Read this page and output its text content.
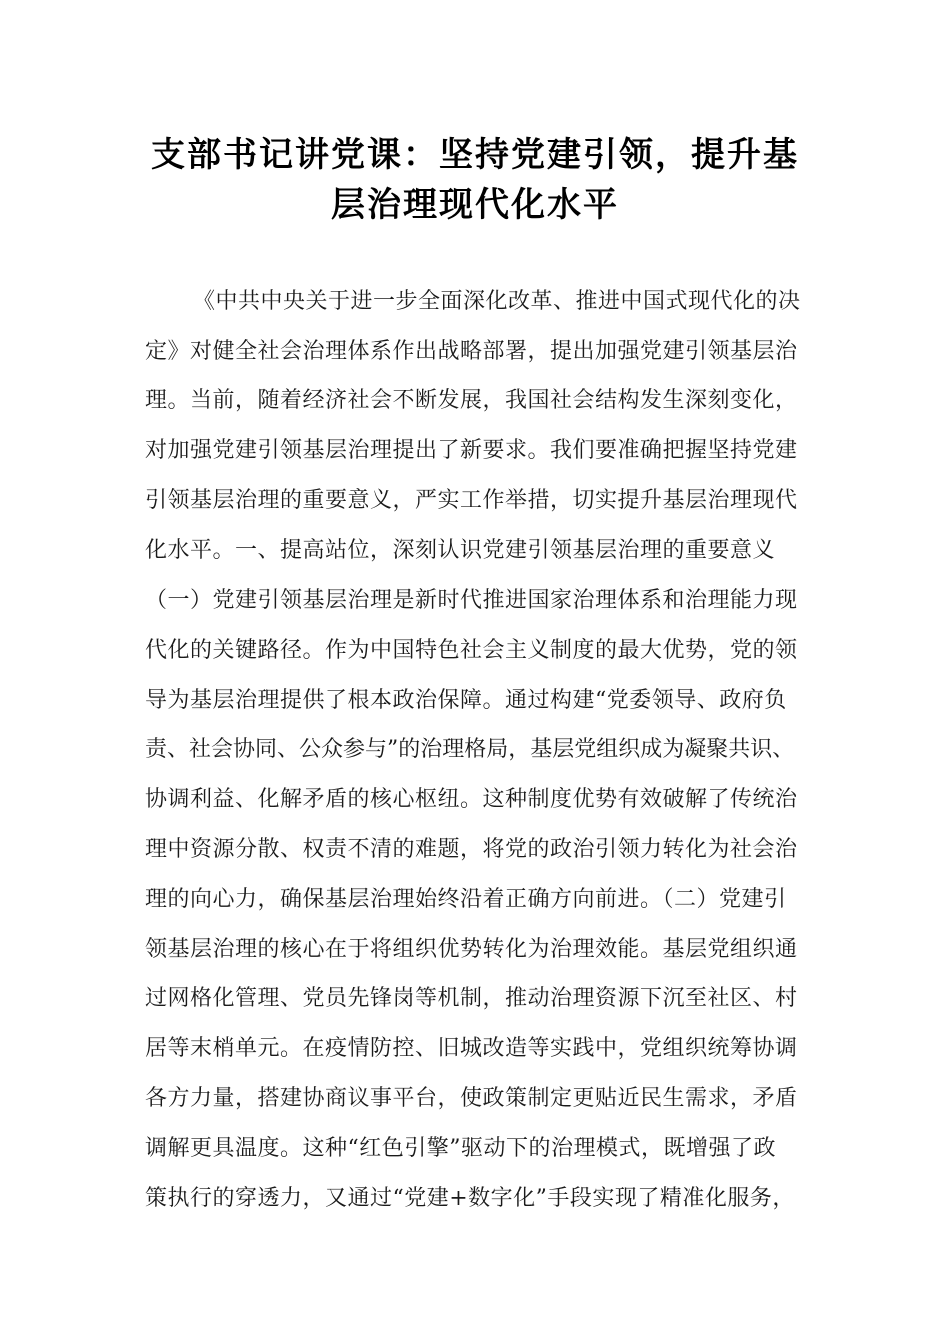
支部书记讲党课：坚持党建引领，提升基
层治理现代化水平
《中共中央关于进一步全面深化改革、推进中国式现代化的决
定》对健全社会治理体系作出战略部署，提出加强党建引领基层治
理。当前，随着经济社会不断发展，我国社会结构发生深刻变化，
对加强党建引领基层治理提出了新要求。我们要准确把握坚持党建
引领基层治理的重要意义，严实工作举措，切实提升基层治理现代
化水平。一、提高站位，深刻认识党建引领基层治理的重要意义
（一）党建引领基层治理是新时代推进国家治理体系和治理能力现
代化的关键路径。作为中国特色社会主义制度的最大优势，党的领
导为基层治理提供了根本政治保障。通过构建“党委领导、政府负
责、社会协同、公众参与”的治理格局，基层党组织成为凝聚共识、
协调利益、化解矛盾的核心枢纽。这种制度优势有效破解了传统治
理中资源分散、权责不清的难题，将党的政治引领力转化为社会治
理的向心力，确保基层治理始终沿着正确方向前进。（二）党建引
领基层治理的核心在于将组织优势转化为治理效能。基层党组织通
过网格化管理、党员先锋岗等机制，推动治理资源下沉至社区、村
居等末梢单元。在疫情防控、旧城改造等实践中，党组织统筹协调
各方力量，搭建协商议事平台，使政策制定更贴近民生需求，矛盾
调解更具温度。这种“红色引擎”驱动下的治理模式，既增强了政
策执行的穿透力，又通过“党建+数字化”手段实现了精准化服务，
